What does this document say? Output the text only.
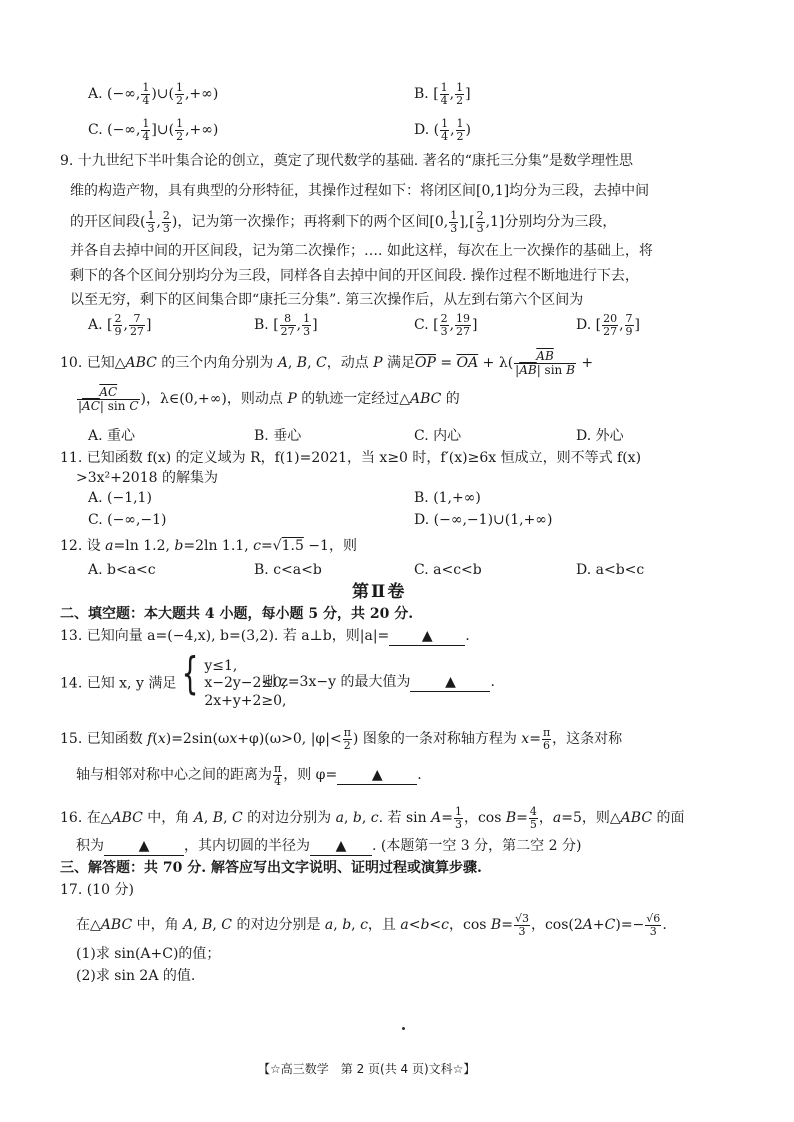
A. (−∞, $\frac{1}{4}$ )∪( $\frac{1}{2}$ ,+∞)	B. [ $\frac{1}{4}$ , $\frac{1}{2}$ ]
C. (−∞, $\frac{1}{4}$ ]∪( $\frac{1}{2}$ ,+∞)	D. ( $\frac{1}{4}$ , $\frac{1}{2}$ )
9. 十九世纪下半叶集合论的创立，奠定了现代数学的基础. 著名的“康托三分集”是数学理性思
维的构造产物，具有典型的分形特征，其操作过程如下：将闭区间[0,1]均分为三段，去掉中间
的开区间段( $\frac{1}{3}$ , $\frac{2}{3}$ )，记为第一次操作；再将剩下的两个区间[0, $\frac{1}{3}$ ],[ $\frac{2}{3} ,1$]分别均分为三段，
并各自去掉中间的开区间段，记为第二次操作；…. 如此这样，每次在上一次操作的基础上，将
剩下的各个区间分别均分为三段，同样各自去掉中间的开区间段. 操作过程不断地进行下去，
以至无穷，剩下的区间集合即“康托三分集”. 第三次操作后，从左到右第六个区间为
A. [ $\frac{2}{9}$ , $\frac{7}{27}$ ]	B. [ $\frac{8}{27}$ , $\frac{1}{3}$ ]	C. [ $\frac{2}{3}$ , $\frac{19}{27}$ ]	D. [ $\frac{20}{27}$ , $\frac{7}{9}$ ]
10. 已知△ABC 的三个内角分别为 A, B, C，动点 P 满足$\overline{OP} = \overline{OA} + \lambda( \frac{\overline{AB}}{|\overline{AB}| \sin B}$ +
$\frac{\overline{AC}}{|\overline{AC}| \sin C}$ )，λ∈(0,+∞)，则动点 P 的轨迹一定经过△ABC 的
A. 重心	B. 垂心	C. 内心	D. 外心
11. 已知函数 f(x) 的定义域为 R，f(1)=2021，当 x≥0 时，f′(x)≥6x 恒成立，则不等式 f(x)
>3x²+2018 的解集为
A. (−1,1)	B. (1,+∞)
C. (−∞,−1)	D. (−∞,−1)∪(1,+∞)
12. 设 a=ln 1.2, b=2ln 1.1, c=√1.5 −1，则
A. b<a<c	B. c<a<b	C. a<c<b	D. a<b<c
第Ⅱ卷
二、填空题：本大题共 4 小题，每小题 5 分，共 20 分.
13. 已知向量 a=(−4,x), b=(3,2). 若 a⊥b，则|a|= ▲ .
14. 已知 x, y 满足 { y≤1,
x−2y−2≤0,
2x+y+2≥0,
则 z=3x−y 的最大值为 ▲ .
15. 已知函数 f(x)=2sin(ωx+φ)(ω>0, $|\varphi|< \frac{\pi}{2}$ ) 图象的一条对称轴方程为 $x= \frac{\pi}{6}$ ，这条对称
轴与相邻对称中心之间的距离为 $\frac{\pi}{4}$ ，则 φ= ▲ .
16. 在△ABC 中，角 A, B, C 的对边分别为 a, b, c. 若 $\sin A= \frac{1}{3}$ ，$\cos B= \frac{4}{5}$ ，a=5，则△ABC 的面
积为 ▲ ，其内切圆的半径为 ▲ . (本题第一空 3 分，第二空 2 分)
三、解答题：共 70 分. 解答应写出文字说明、证明过程或演算步骤.
17. (10 分)
在△ABC 中，角 A, B, C 的对边分别是 a, b, c，且 a<b<c，$\cos B= \frac{√3}{3}$ ，$\cos(2A+C)=- \frac{√6}{3}$ .
(1)求 sin(A+C)的值；
(2)求 sin 2A 的值.
【☆高三数学　第 2 页(共 4 页)文科☆】
